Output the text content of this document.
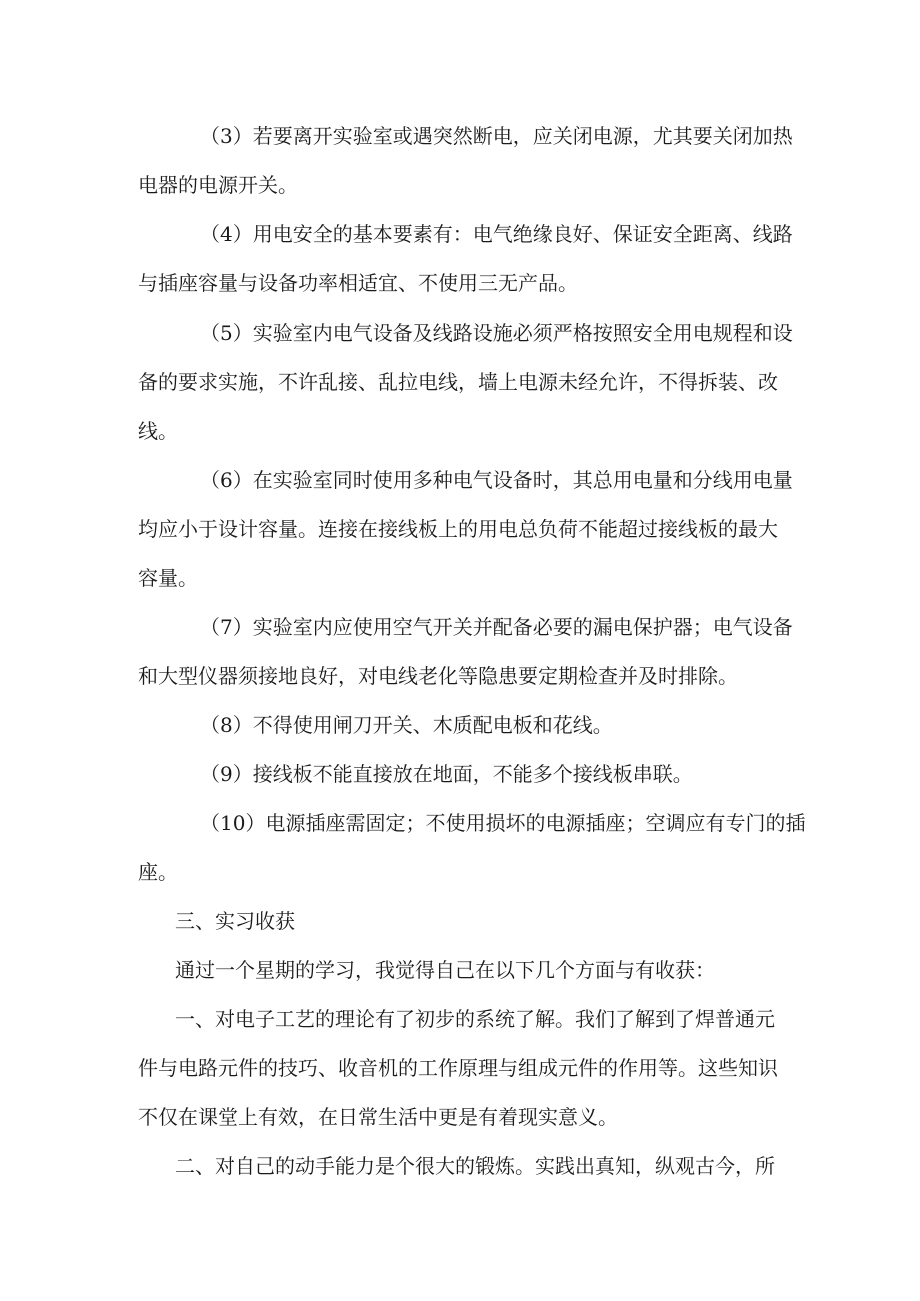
（3）若要离开实验室或遇突然断电，应关闭电源，尤其要关闭加热
电器的电源开关。
（4）用电安全的基本要素有：电气绝缘良好、保证安全距离、线路
与插座容量与设备功率相适宜、不使用三无产品。
（5）实验室内电气设备及线路设施必须严格按照安全用电规程和设
备的要求实施，不许乱接、乱拉电线，墙上电源未经允许，不得拆装、改
线。
（6）在实验室同时使用多种电气设备时，其总用电量和分线用电量
均应小于设计容量。连接在接线板上的用电总负荷不能超过接线板的最大
容量。
（7）实验室内应使用空气开关并配备必要的漏电保护器；电气设备
和大型仪器须接地良好，对电线老化等隐患要定期检查并及时排除。
（8）不得使用闸刀开关、木质配电板和花线。
（9）接线板不能直接放在地面，不能多个接线板串联。
（10）电源插座需固定；不使用损坏的电源插座；空调应有专门的插
座。
三、实习收获
通过一个星期的学习，我觉得自己在以下几个方面与有收获：
一、对电子工艺的理论有了初步的系统了解。我们了解到了焊普通元
件与电路元件的技巧、收音机的工作原理与组成元件的作用等。这些知识
不仅在课堂上有效，在日常生活中更是有着现实意义。
二、对自己的动手能力是个很大的锻炼。实践出真知，纵观古今，所
